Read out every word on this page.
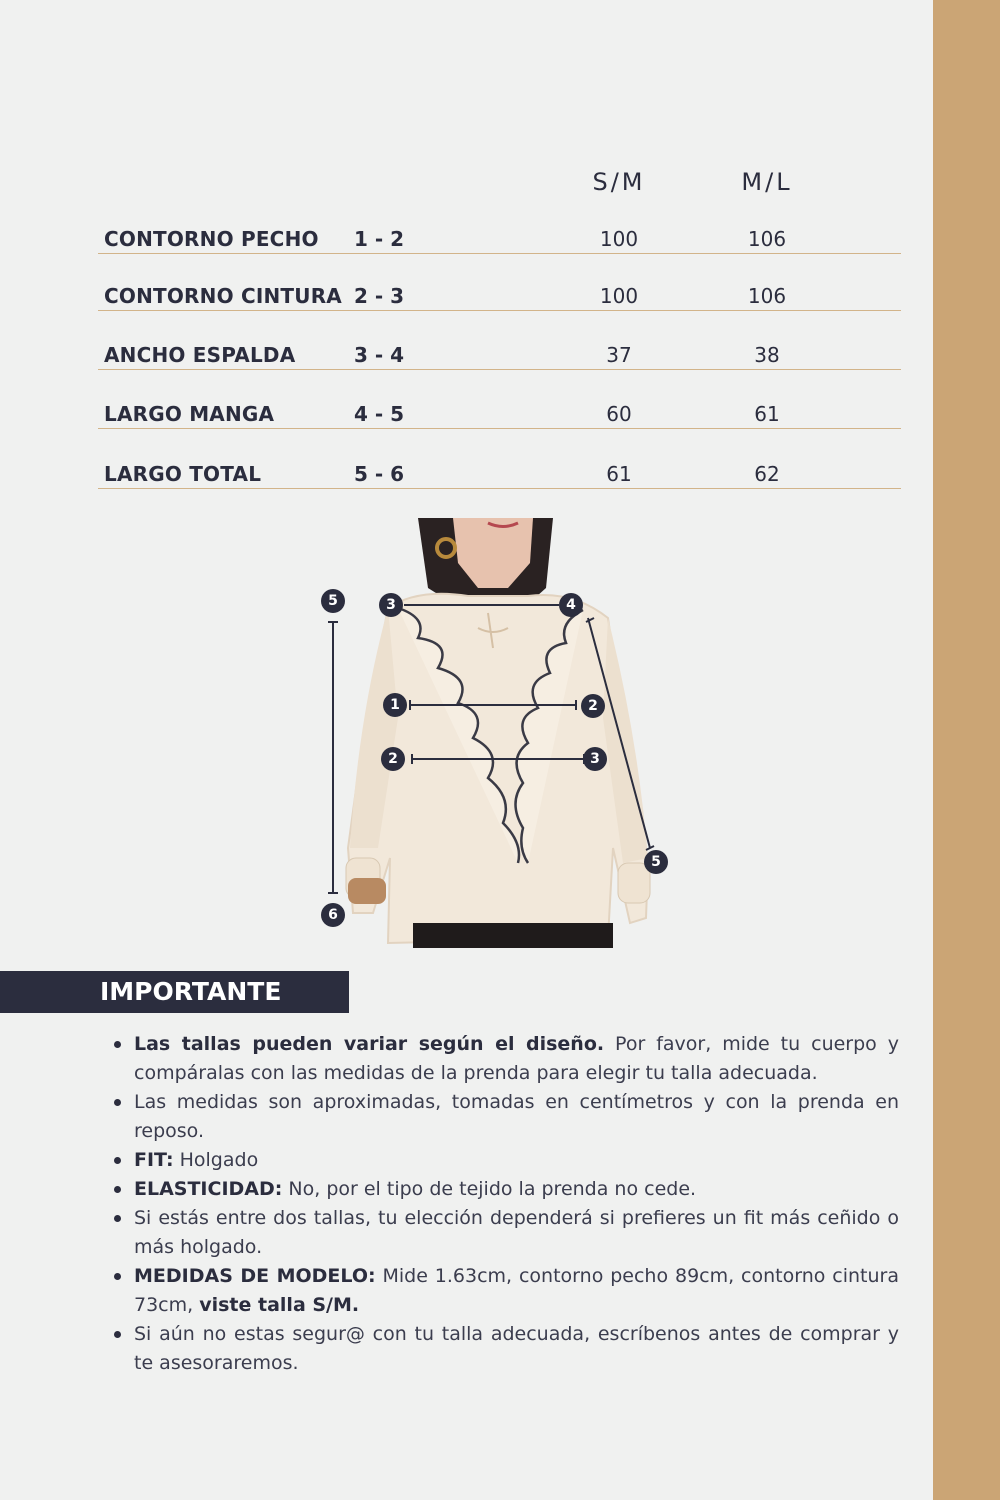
S/M	M/L
CONTORNO PECHO 1 - 2	100	106
CONTORNO CINTURA 2 - 3	100	106
ANCHO ESPALDA	3 - 4	37	38
LARGO MANGA	4 - 5	60	61
LARGO TOTAL	5 - 6	61	62
5	3	4
1	2
2	3
5
6
IMPORTANTE
Las tallas pueden variar según el diseño. Por favor, mide tu cuerpo y compáralas con las medidas de la prenda para elegir tu talla adecuada.
Las medidas son aproximadas, tomadas en centímetros y con la prenda en reposo.
FIT: Holgado
ELASTICIDAD: No, por el tipo de tejido la prenda no cede.
Si estás entre dos tallas, tu elección dependerá si prefieres un fit más ceñido o más holgado.
MEDIDAS DE MODELO: Mide 1.63cm, contorno pecho 89cm, contorno cintura 73cm, viste talla S/M.
Si aún no estas segur@ con tu talla adecuada, escríbenos antes de comprar y te asesoraremos.
